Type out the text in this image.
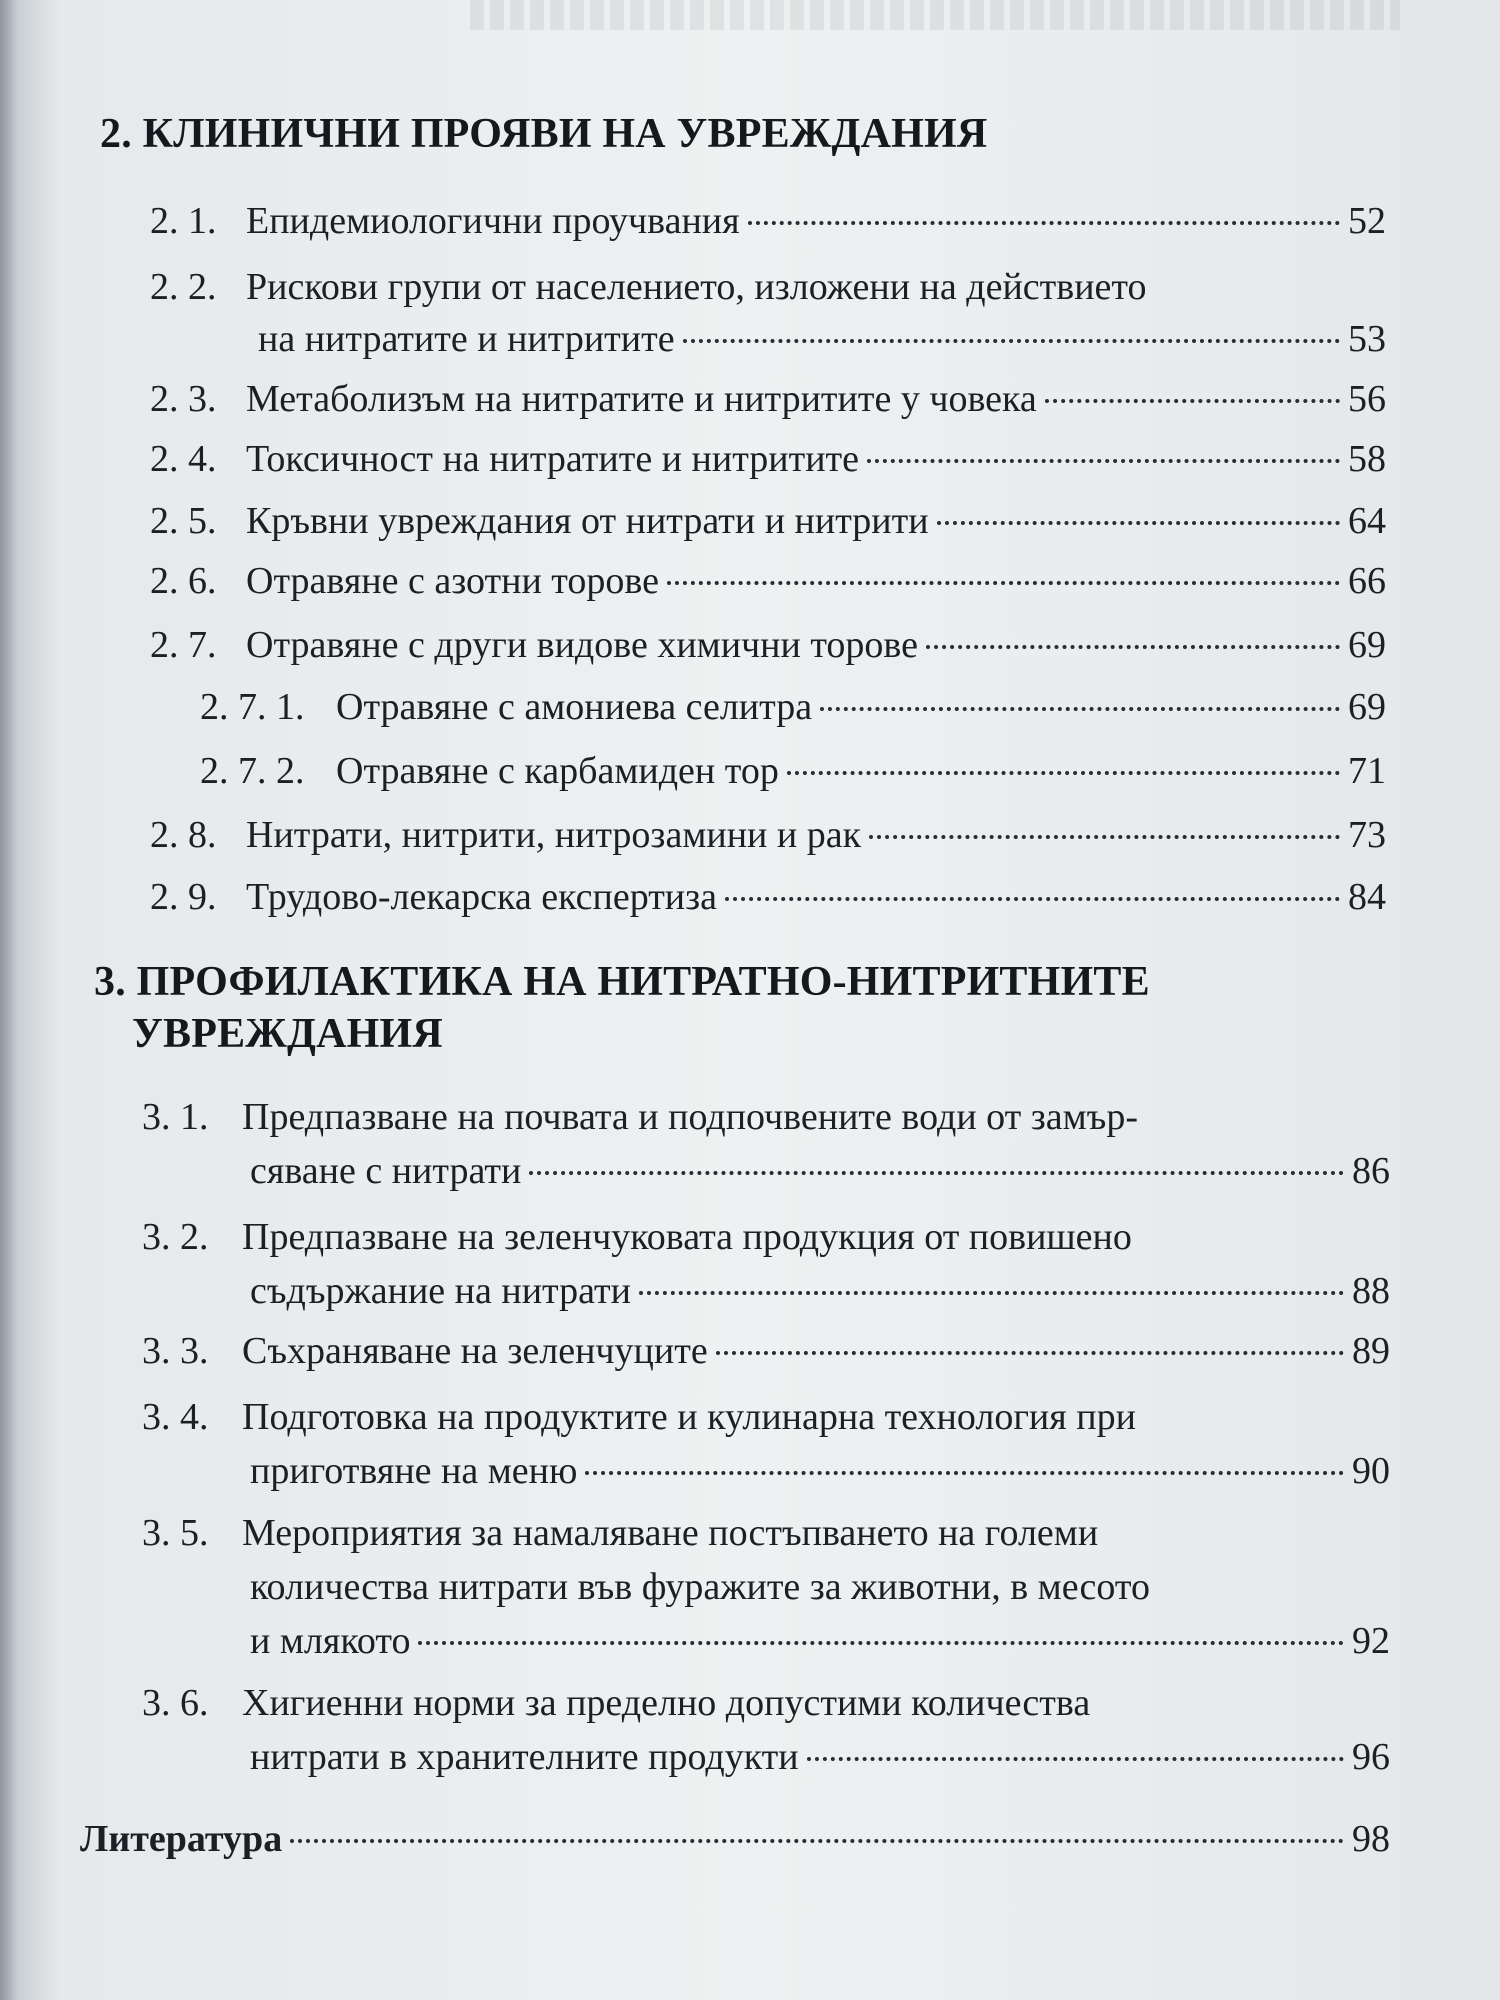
2. КЛИНИЧНИ ПРОЯВИ НА УВРЕЖДАНИЯ
2. 1. Епидемиологични проучвания	52
2. 2. Рискови групи от населението, изложени на действието
на нитратите и нитритите	53
2. 3. Метаболизъм на нитратите и нитритите у човека	56
2. 4. Токсичност на нитратите и нитритите	58
2. 5. Кръвни увреждания от нитрати и нитрити	64
2. 6. Отравяне с азотни торове	66
2. 7. Отравяне с други видове химични торове	69
2. 7. 1. Отравяне с амониева селитра	69
2. 7. 2. Отравяне с карбамиден тор	71
2. 8. Нитрати, нитрити, нитрозамини и рак	73
2. 9. Трудово-лекарска експертиза	84
3. ПРОФИЛАКТИКА НА НИТРАТНО-НИТРИТНИТЕ
УВРЕЖДАНИЯ
3. 1. Предпазване на почвата и подпочвените води от замър-
сяване с нитрати	86
3. 2. Предпазване на зеленчуковата продукция от повишено
съдържание на нитрати	88
3. 3. Съхраняване на зеленчуците	89
3. 4. Подготовка на продуктите и кулинарна технология при
приготвяне на меню	90
3. 5. Мероприятия за намаляване постъпването на големи
количества нитрати във фуражите за животни, в месото
и млякото	92
3. 6. Хигиенни норми за пределно допустими количества
нитрати в хранителните продукти	96
Литература	98
